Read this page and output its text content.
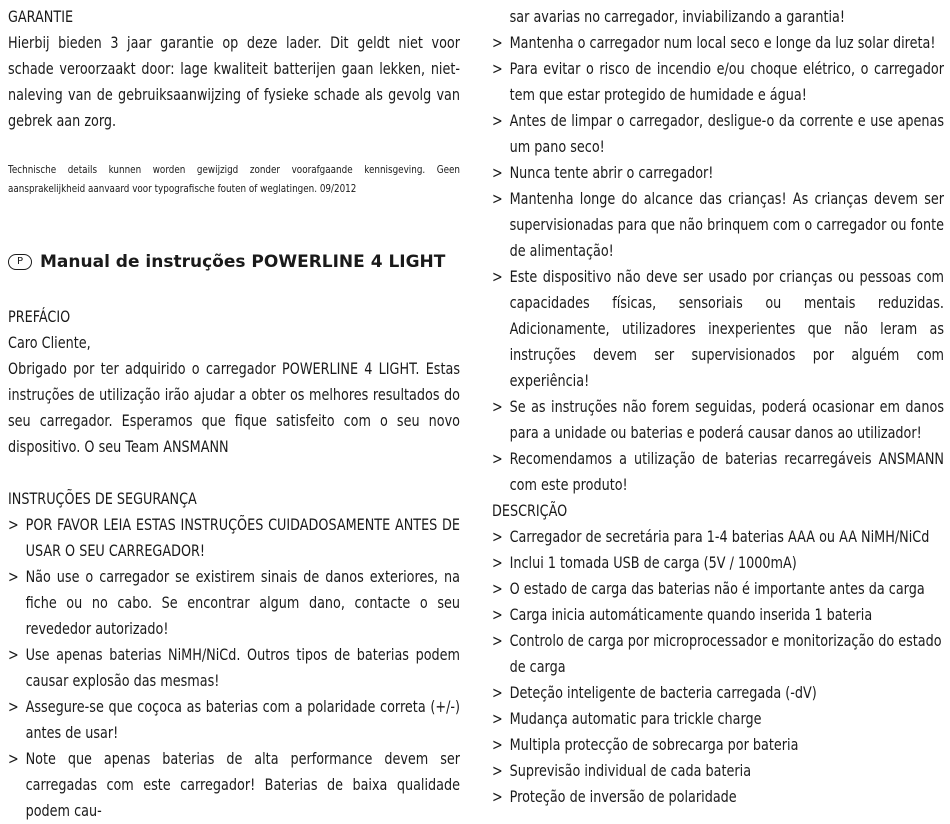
GARANTIE
Hierbij bieden 3 jaar garantie op deze lader. Dit geldt niet voor schade veroorzaakt door: lage kwaliteit batterijen gaan lekken, niet-naleving van de gebruiksaanwijzing of fysieke schade als gevolg van gebrek aan zorg.
Technische details kunnen worden gewijzigd zonder voorafgaande kennisgeving. Geen aansprakelijkheid aanvaard voor typografische fouten of weglatingen. 09/2012
P Manual de instruções POWERLINE 4 LIGHT
PREFÁCIO
Caro Cliente,
Obrigado por ter adquirido o carregador POWERLINE 4 LIGHT. Estas instruções de utilização irão ajudar a obter os melhores resultados do seu carregador. Esperamos que fique satisfeito com o seu novo dispositivo. O seu Team ANSMANN
INSTRUÇÕES DE SEGURANÇA
> POR FAVOR LEIA ESTAS INSTRUÇÕES CUIDADOSAMENTE ANTES DE USAR O SEU CARREGADOR!
> Não use o carregador se existirem sinais de danos exteriores, na fiche ou no cabo. Se encontrar algum dano, contacte o seu revededor autorizado!
> Use apenas baterias NiMH/NiCd. Outros tipos de baterias podem causar explosão das mesmas!
> Assegure-se que coçoca as baterias com a polaridade correta (+/-) antes de usar!
> Note que apenas baterias de alta performance devem ser carregadas com este carregador! Baterias de baixa qualidade podem cau-
sar avarias no carregador, inviabilizando a garantia!
> Mantenha o carregador num local seco e longe da luz solar direta!
> Para evitar o risco de incendio e/ou choque elétrico, o carregador tem que estar protegido de humidade e água!
> Antes de limpar o carregador, desligue-o da corrente e use apenas um pano seco!
> Nunca tente abrir o carregador!
> Mantenha longe do alcance das crianças! As crianças devem ser supervisionadas para que não brinquem com o carregador ou fonte de alimentação!
> Este dispositivo não deve ser usado por crianças ou pessoas com capacidades físicas, sensoriais ou mentais reduzidas. Adicionamente, utilizadores inexperientes que não leram as instruções devem ser supervisionados por alguém com experiência!
> Se as instruções não forem seguidas, poderá ocasionar em danos para a unidade ou baterias e poderá causar danos ao utilizador!
> Recomendamos a utilização de baterias recarregáveis ANSMANN com este produto!
DESCRIÇÃO
> Carregador de secretária para 1-4 baterias AAA ou AA NiMH/NiCd
> Inclui 1 tomada USB de carga (5V / 1000mA)
> O estado de carga das baterias não é importante antes da carga
> Carga inicia automáticamente quando inserida 1 bateria
> Controlo de carga por microprocessador e monitorização do estado de carga
> Deteção inteligente de bacteria carregada (-dV)
> Mudança automatic para trickle charge
> Multipla protecção de sobrecarga por bateria
> Suprevisão individual de cada bateria
> Proteção de inversão de polaridade
